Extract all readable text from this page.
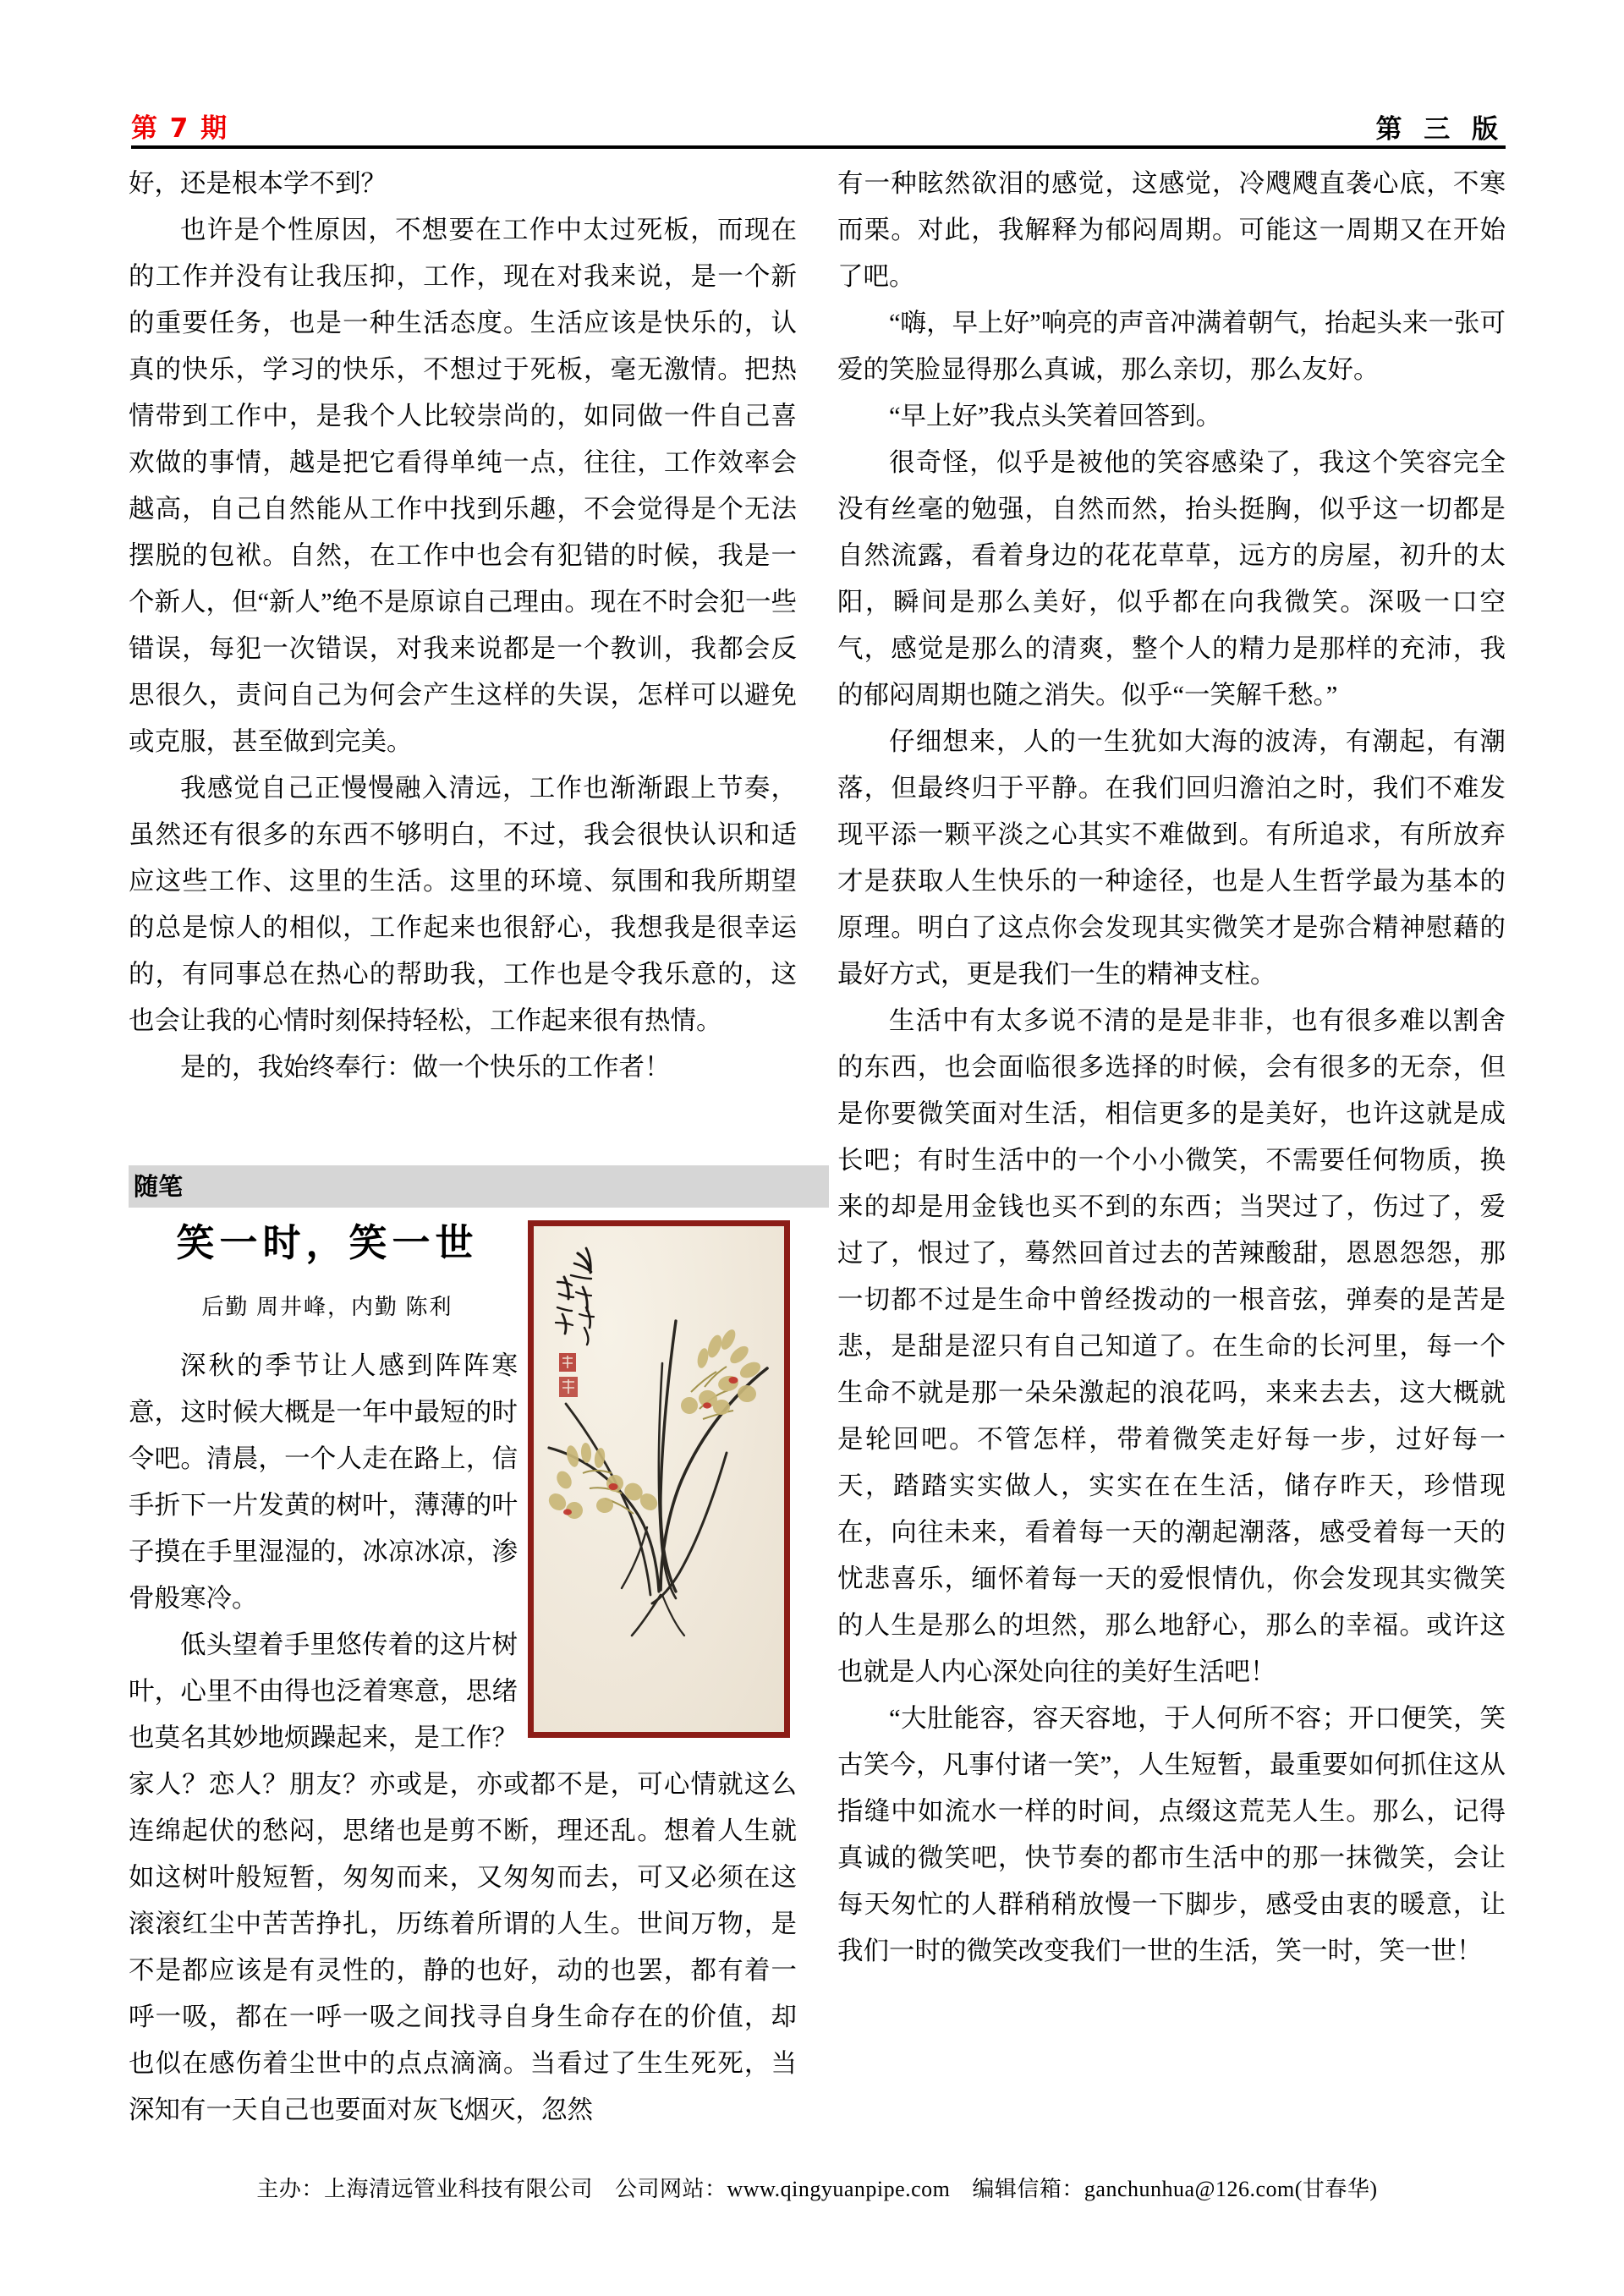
第 7 期	第 三 版

好，还是根本学不到？

也许是个性原因，不想要在工作中太过死板，而现在的工作并没有让我压抑，工作，现在对我来说，是一个新的重要任务，也是一种生活态度。生活应该是快乐的，认真的快乐，学习的快乐，不想过于死板，毫无激情。把热情带到工作中，是我个人比较崇尚的，如同做一件自己喜欢做的事情，越是把它看得单纯一点，往往，工作效率会越高，自己自然能从工作中找到乐趣，不会觉得是个无法摆脱的包袱。自然，在工作中也会有犯错的时候，我是一个新人，但“新人”绝不是原谅自己理由。现在不时会犯一些错误，每犯一次错误，对我来说都是一个教训，我都会反思很久，责问自己为何会产生这样的失误，怎样可以避免或克服，甚至做到完美。

我感觉自己正慢慢融入清远，工作也渐渐跟上节奏，虽然还有很多的东西不够明白，不过，我会很快认识和适应这些工作、这里的生活。这里的环境、氛围和我所期望的总是惊人的相似，工作起来也很舒心，我想我是很幸运的，有同事总在热心的帮助我，工作也是令我乐意的，这也会让我的心情时刻保持轻松，工作起来很有热情。

是的，我始终奉行：做一个快乐的工作者！

随笔
笑一时，笑一世
后勤 周井峰，内勤 陈利

深秋的季节让人感到阵阵寒意，这时候大概是一年中最短的时令吧。清晨，一个人走在路上，信手折下一片发黄的树叶，薄薄的叶子摸在手里湿湿的，冰凉冰凉，渗骨般寒冷。

低头望着手里悠传着的这片树叶，心里不由得也泛着寒意，思绪也莫名其妙地烦躁起来，是工作？家人？恋人？朋友？亦或是，亦或都不是，可心情就这么连绵起伏的愁闷，思绪也是剪不断，理还乱。想着人生就如这树叶般短暂，匆匆而来，又匆匆而去，可又必须在这滚滚红尘中苦苦挣扎，历练着所谓的人生。世间万物，是不是都应该是有灵性的，静的也好，动的也罢，都有着一呼一吸，都在一呼一吸之间找寻自身生命存在的价值，却也似在感伤着尘世中的点点滴滴。当看过了生生死死，当深知有一天自己也要面对灰飞烟灭，忽然

有一种眩然欲泪的感觉，这感觉，冷飕飕直袭心底，不寒而栗。对此，我解释为郁闷周期。可能这一周期又在开始了吧。

“嗨，早上好”响亮的声音冲满着朝气，抬起头来一张可爱的笑脸显得那么真诚，那么亲切，那么友好。

“早上好”我点头笑着回答到。

很奇怪，似乎是被他的笑容感染了，我这个笑容完全没有丝毫的勉强，自然而然，抬头挺胸，似乎这一切都是自然流露，看着身边的花花草草，远方的房屋，初升的太阳，瞬间是那么美好，似乎都在向我微笑。深吸一口空气，感觉是那么的清爽，整个人的精力是那样的充沛，我的郁闷周期也随之消失。似乎“一笑解千愁。”

仔细想来，人的一生犹如大海的波涛，有潮起，有潮落，但最终归于平静。在我们回归澹泊之时，我们不难发现平添一颗平淡之心其实不难做到。有所追求，有所放弃才是获取人生快乐的一种途径，也是人生哲学最为基本的原理。明白了这点你会发现其实微笑才是弥合精神慰藉的最好方式，更是我们一生的精神支柱。

生活中有太多说不清的是是非非，也有很多难以割舍的东西，也会面临很多选择的时候，会有很多的无奈，但是你要微笑面对生活，相信更多的是美好，也许这就是成长吧；有时生活中的一个小小微笑，不需要任何物质，换来的却是用金钱也买不到的东西；当哭过了，伤过了，爱过了，恨过了，蓦然回首过去的苦辣酸甜，恩恩怨怨，那一切都不过是生命中曾经拨动的一根音弦，弹奏的是苦是悲，是甜是涩只有自己知道了。在生命的长河里，每一个生命不就是那一朵朵激起的浪花吗，来来去去，这大概就是轮回吧。不管怎样，带着微笑走好每一步，过好每一天，踏踏实实做人，实实在在生活，储存昨天，珍惜现在，向往未来，看着每一天的潮起潮落，感受着每一天的忧悲喜乐，缅怀着每一天的爱恨情仇，你会发现其实微笑的人生是那么的坦然，那么地舒心，那么的幸福。或许这也就是人内心深处向往的美好生活吧！

“大肚能容，容天容地，于人何所不容；开口便笑，笑古笑今，凡事付诸一笑”，人生短暂，最重要如何抓住这从指缝中如流水一样的时间，点缀这荒芜人生。那么，记得真诚的微笑吧，快节奏的都市生活中的那一抹微笑，会让每天匆忙的人群稍稍放慢一下脚步，感受由衷的暖意，让我们一时的微笑改变我们一世的生活，笑一时，笑一世！

主办：上海清远管业科技有限公司 公司网站：www.qingyuanpipe.com 编辑信箱：ganchunhua@126.com(甘春华)
